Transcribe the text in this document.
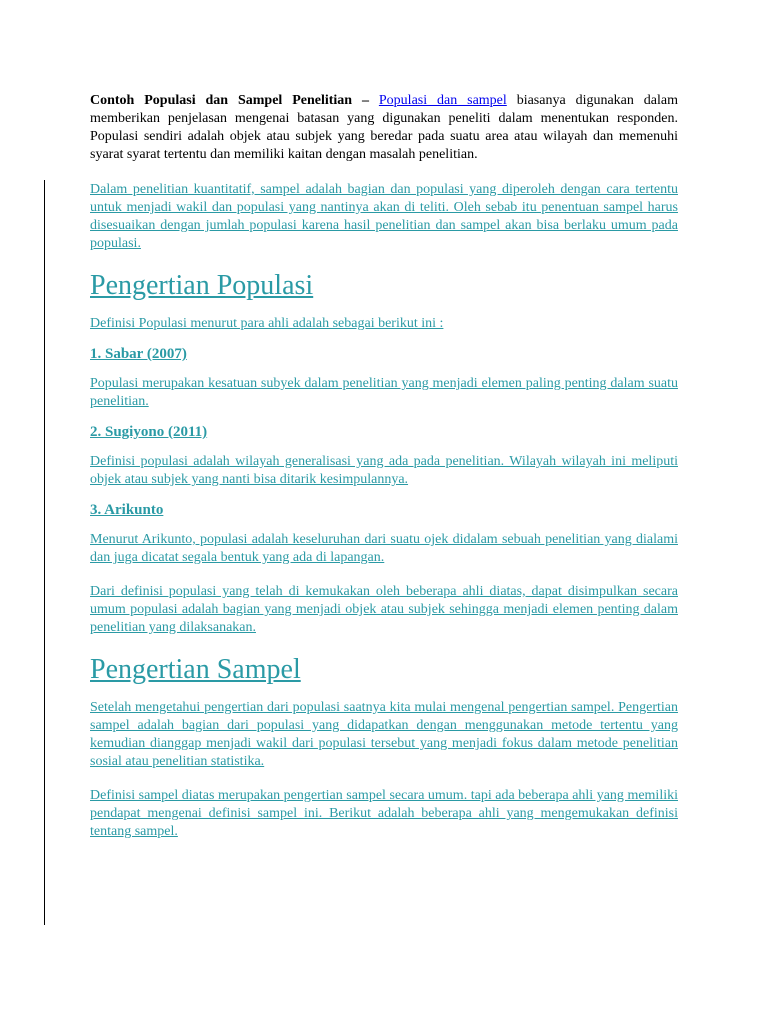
Contoh Populasi dan Sampel Penelitian – Populasi dan sampel biasanya digunakan dalam memberikan penjelasan mengenai batasan yang digunakan peneliti dalam menentukan responden. Populasi sendiri adalah objek atau subjek yang beredar pada suatu area atau wilayah dan memenuhi syarat syarat tertentu dan memiliki kaitan dengan masalah penelitian.

Dalam penelitian kuantitatif, sampel adalah bagian dan populasi yang diperoleh dengan cara tertentu untuk menjadi wakil dan populasi yang nantinya akan di teliti. Oleh sebab itu penentuan sampel harus disesuaikan dengan jumlah populasi karena hasil penelitian dan sampel akan bisa berlaku umum pada populasi.

Pengertian Populasi

Definisi Populasi menurut para ahli adalah sebagai berikut ini :

1. Sabar (2007)

Populasi merupakan kesatuan subyek dalam penelitian yang menjadi elemen paling penting dalam suatu penelitian.

2. Sugiyono (2011)

Definisi populasi adalah wilayah generalisasi yang ada pada penelitian. Wilayah wilayah ini meliputi objek atau subjek yang nanti bisa ditarik kesimpulannya.

3. Arikunto

Menurut Arikunto, populasi adalah keseluruhan dari suatu ojek didalam sebuah penelitian yang dialami dan juga dicatat segala bentuk yang ada di lapangan.

Dari definisi populasi yang telah di kemukakan oleh beberapa ahli diatas, dapat disimpulkan secara umum populasi adalah bagian yang menjadi objek atau subjek sehingga menjadi elemen penting dalam penelitian yang dilaksanakan.

Pengertian Sampel

Setelah mengetahui pengertian dari populasi saatnya kita mulai mengenal pengertian sampel. Pengertian sampel adalah bagian dari populasi yang didapatkan dengan menggunakan metode tertentu yang kemudian dianggap menjadi wakil dari populasi tersebut yang menjadi fokus dalam metode penelitian sosial atau penelitian statistika.

Definisi sampel diatas merupakan pengertian sampel secara umum. tapi ada beberapa ahli yang memiliki pendapat mengenai definisi sampel ini. Berikut adalah beberapa ahli yang mengemukakan definisi tentang sampel.
